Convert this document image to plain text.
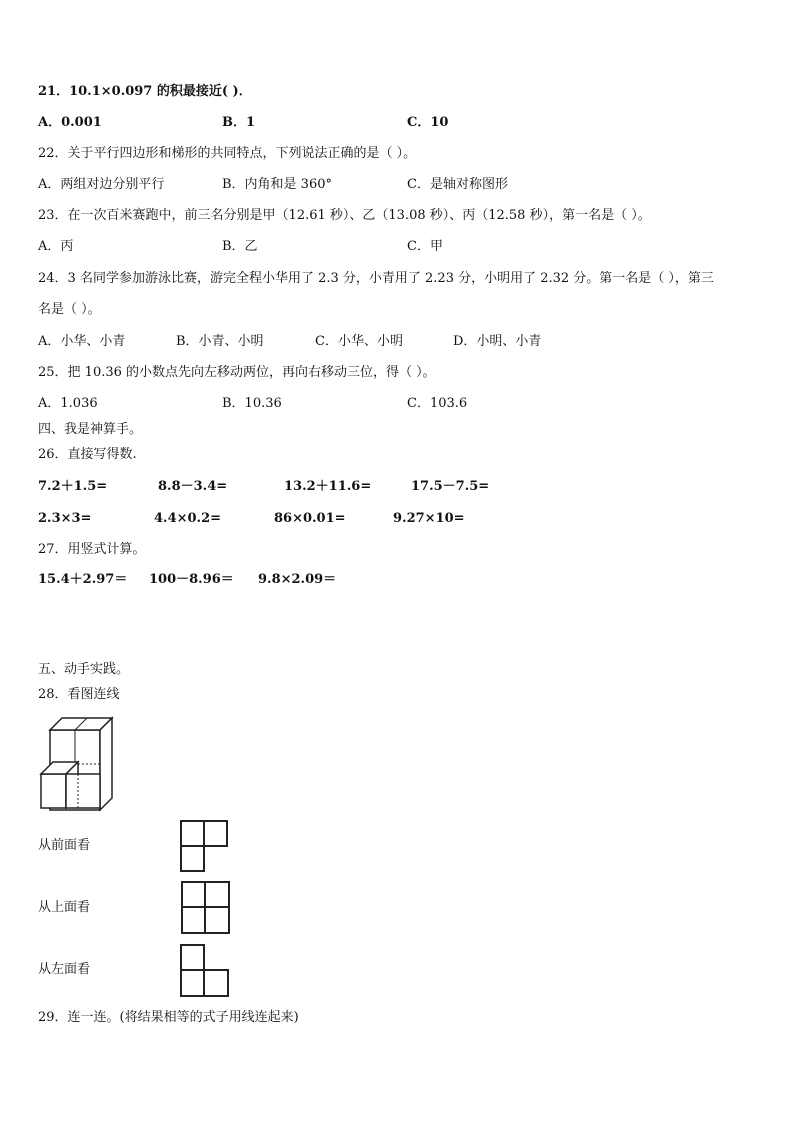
21．10.1×0.097 的积最接近( )．
A．0.001	B．1	C．10
22．关于平行四边形和梯形的共同特点，下列说法正确的是（ ）。
A．两组对边分别平行	B．内角和是 360°	C．是轴对称图形
23．在一次百米赛跑中，前三名分别是甲（12.61 秒）、乙（13.08 秒）、丙（12.58 秒），第一名是（ ）。
A．丙	B．乙	C．甲
24．3 名同学参加游泳比赛，游完全程小华用了 2.3 分，小青用了 2.23 分，小明用了 2.32 分。第一名是（ ），第三
名是（ ）。
A．小华、小青	B．小青、小明	C．小华、小明	D．小明、小青
25．把 10.36 的小数点先向左移动两位，再向右移动三位，得（ ）。
A．1.036	B．10.36	C．103.6
四、我是神算手。
26．直接写得数.
7.2＋1.5=	8.8－3.4=	13.2＋11.6=	17.5－7.5=
2.3×3=	4.4×0.2=	86×0.01=	9.27×10=
27．用竖式计算。
15.4＋2.97＝ 100－8.96＝ 9.8×2.09＝
五、动手实践。
28．看图连线
从前面看
从上面看
从左面看
29．连一连。(将结果相等的式子用线连起来)
